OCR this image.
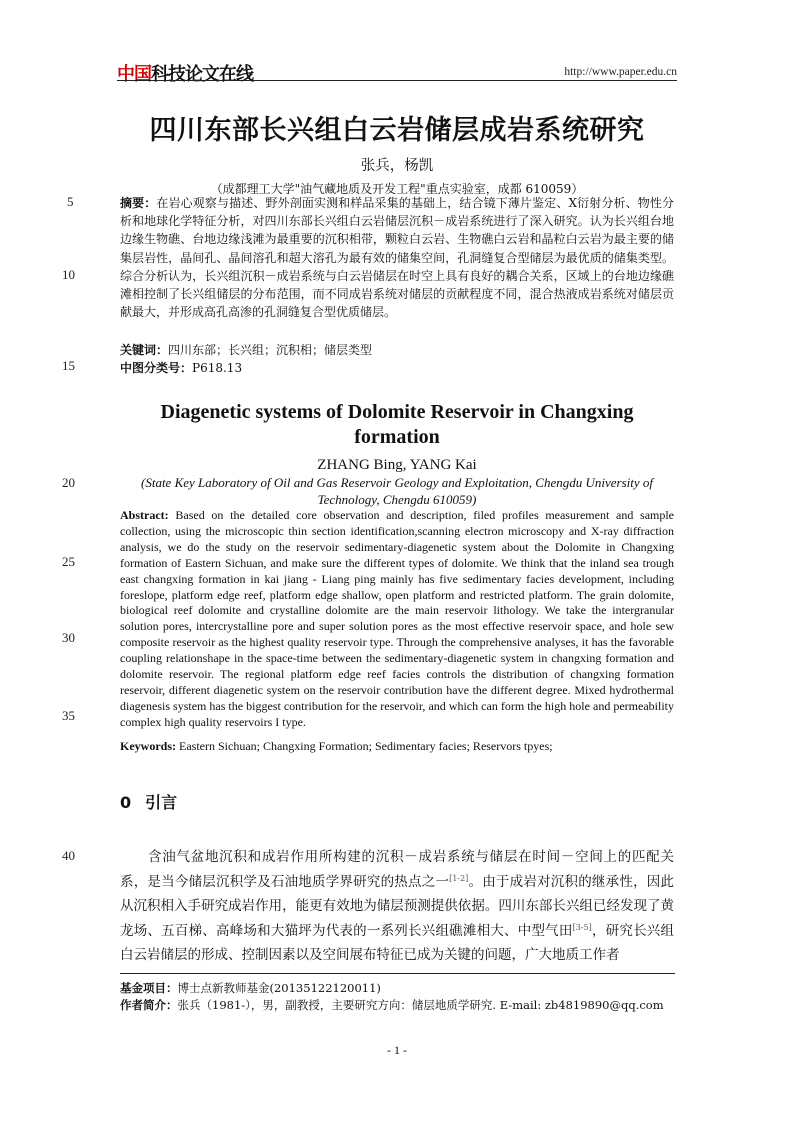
中国科技论文在线	http://www.paper.edu.cn
四川东部长兴组白云岩储层成岩系统研究
张兵，杨凯
（成都理工大学"油气藏地质及开发工程"重点实验室，成都 610059）
5
10
15
20
25
30
35
40

摘要：在岩心观察与描述、野外剖面实测和样品采集的基础上，结合镜下薄片鉴定、X衍射分析、物性分析和地球化学特征分析，对四川东部长兴组白云岩储层沉积－成岩系统进行了深入研究。认为长兴组台地边缘生物礁、台地边缘浅滩为最重要的沉积相带，颗粒白云岩、生物礁白云岩和晶粒白云岩为最主要的储集层岩性，晶间孔、晶间溶孔和超大溶孔为最有效的储集空间，孔洞缝复合型储层为最优质的储集类型。综合分析认为，长兴组沉积－成岩系统与白云岩储层在时空上具有良好的耦合关系，区域上的台地边缘礁滩相控制了长兴组储层的分布范围，而不同成岩系统对储层的贡献程度不同，混合热液成岩系统对储层贡献最大，并形成高孔高渗的孔洞缝复合型优质储层。

关键词：四川东部；长兴组；沉积相；储层类型

中图分类号：P618.13

Diagenetic systems of Dolomite Reservoir in Changxing formation
ZHANG Bing, YANG Kai
(State Key Laboratory of Oil and Gas Reservoir Geology and Exploitation, Chengdu University of Technology, Chengdu 610059)

Abstract: Based on the detailed core observation and description, filed profiles measurement and sample collection, using the microscopic thin section identification,scanning electron microscopy and X-ray diffraction analysis, we do the study on the reservoir sedimentary-diagenetic system about the Dolomite in Changxing formation of Eastern Sichuan, and make sure the different types of dolomite. We think that the inland sea trough east changxing formation in kai jiang - Liang ping mainly has five sedimentary facies development, including foreslope, platform edge reef, platform edge shallow, open platform and restricted platform. The grain dolomite, biological reef dolomite and crystalline dolomite are the main reservoir lithology. We take the intergranular solution pores, intercrystalline pore and super solution pores as the most effective reservoir space, and hole sew composite reservoir as the highest quality reservoir type. Through the comprehensive analyses, it has the favorable coupling relationshape in the space-time between the sedimentary-diagenetic system in changxing formation and dolomite reservoir. The regional platform edge reef facies controls the distribution of changxing formation reservoir, different diagenetic system on the reservoir contribution have the different degree. Mixed hydrothermal diagenesis system has the biggest contribution for the reservoir, and which can form the high hole and permeability complex high quality reservoirs I type.

Keywords: Eastern Sichuan; Changxing Formation; Sedimentary facies; Reservors tpyes;

0 引言

含油气盆地沉积和成岩作用所构建的沉积－成岩系统与储层在时间－空间上的匹配关系，是当今储层沉积学及石油地质学界研究的热点之一[1-2]。由于成岩对沉积的继承性，因此从沉积相入手研究成岩作用，能更有效地为储层预测提供依据。四川东部长兴组已经发现了黄龙场、五百梯、高峰场和大猫坪为代表的一系列长兴组礁滩相大、中型气田[3-5]，研究长兴组白云岩储层的形成、控制因素以及空间展布特征已成为关键的问题，广大地质工作者

基金项目：博士点新教师基金(20135122120011)
作者简介：张兵（1981-），男，副教授，主要研究方向：储层地质学研究. E-mail: zb4819890@qq.com
- 1 -
